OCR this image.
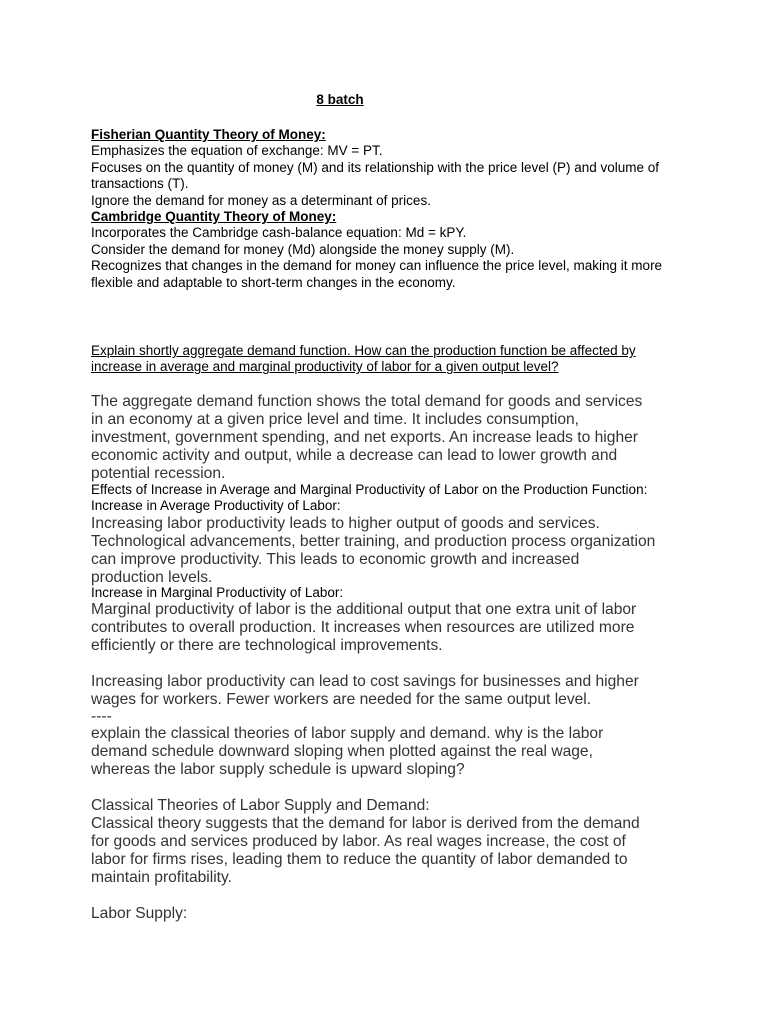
8 batch

Fisherian Quantity Theory of Money:

Emphasizes the equation of exchange: MV = PT.

Focuses on the quantity of money (M) and its relationship with the price level (P) and volume of transactions (T).

Ignore the demand for money as a determinant of prices.

Cambridge Quantity Theory of Money:

Incorporates the Cambridge cash-balance equation: Md = kPY.

Consider the demand for money (Md) alongside the money supply (M).

Recognizes that changes in the demand for money can influence the price level, making it more flexible and adaptable to short-term changes in the economy.

Explain shortly aggregate demand function. How can the production function be affected by increase in average and marginal productivity of labor for a given output level?

The aggregate demand function shows the total demand for goods and services in an economy at a given price level and time. It includes consumption, investment, government spending, and net exports. An increase leads to higher economic activity and output, while a decrease can lead to lower growth and potential recession.

Effects of Increase in Average and Marginal Productivity of Labor on the Production Function:

Increase in Average Productivity of Labor:

Increasing labor productivity leads to higher output of goods and services. Technological advancements, better training, and production process organization can improve productivity. This leads to economic growth and increased production levels.

Increase in Marginal Productivity of Labor:

Marginal productivity of labor is the additional output that one extra unit of labor contributes to overall production. It increases when resources are utilized more efficiently or there are technological improvements.

Increasing labor productivity can lead to cost savings for businesses and higher wages for workers. Fewer workers are needed for the same output level.

----

explain the classical theories of labor supply and demand. why is the labor demand schedule downward sloping when plotted against the real wage, whereas the labor supply schedule is upward sloping?

Classical Theories of Labor Supply and Demand:

Classical theory suggests that the demand for labor is derived from the demand for goods and services produced by labor. As real wages increase, the cost of labor for firms rises, leading them to reduce the quantity of labor demanded to maintain profitability.

Labor Supply:
